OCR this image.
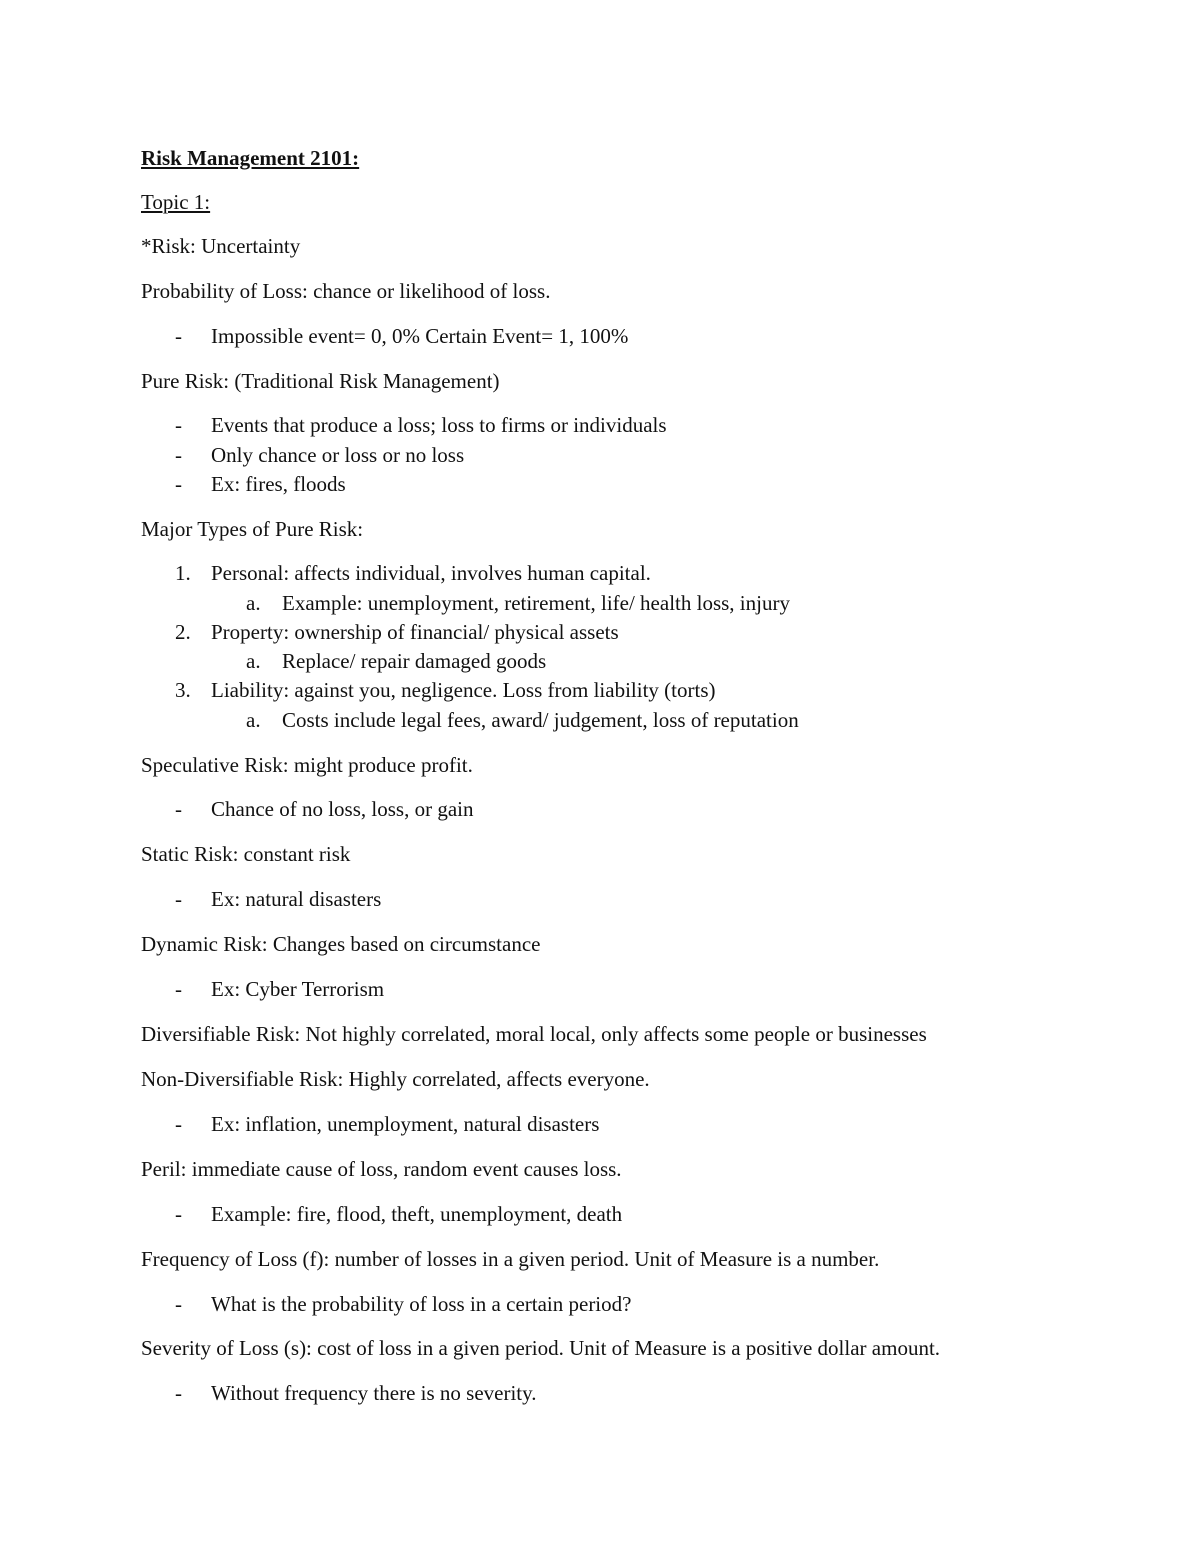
Risk Management 2101:
Topic 1:
*Risk: Uncertainty
Probability of Loss: chance or likelihood of loss.
- Impossible event= 0, 0% Certain Event= 1, 100%
Pure Risk: (Traditional Risk Management)
- Events that produce a loss; loss to firms or individuals
- Only chance or loss or no loss
- Ex: fires, floods
Major Types of Pure Risk:
1. Personal: affects individual, involves human capital.
a. Example: unemployment, retirement, life/ health loss, injury
2. Property: ownership of financial/ physical assets
a. Replace/ repair damaged goods
3. Liability: against you, negligence. Loss from liability (torts)
a. Costs include legal fees, award/ judgement, loss of reputation
Speculative Risk: might produce profit.
- Chance of no loss, loss, or gain
Static Risk: constant risk
- Ex: natural disasters
Dynamic Risk: Changes based on circumstance
- Ex: Cyber Terrorism
Diversifiable Risk: Not highly correlated, moral local, only affects some people or businesses
Non-Diversifiable Risk: Highly correlated, affects everyone.
- Ex: inflation, unemployment, natural disasters
Peril: immediate cause of loss, random event causes loss.
- Example: fire, flood, theft, unemployment, death
Frequency of Loss (f): number of losses in a given period. Unit of Measure is a number.
- What is the probability of loss in a certain period?
Severity of Loss (s): cost of loss in a given period. Unit of Measure is a positive dollar amount.
- Without frequency there is no severity.
